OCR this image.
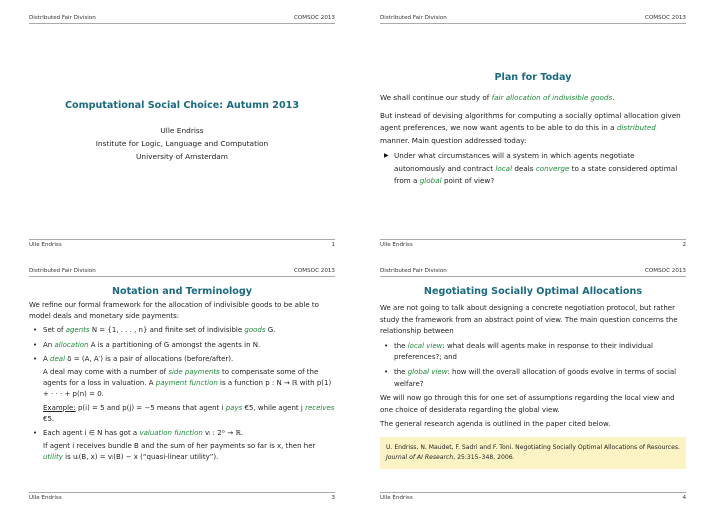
Distributed Fair Division	COMSOC 2013
Computational Social Choice: Autumn 2013
Ulle Endriss
Institute for Logic, Language and Computation
University of Amsterdam
Ulle Endriss	1
Distributed Fair Division	COMSOC 2013
Plan for Today
We shall continue our study of fair allocation of indivisible goods.
But instead of devising algorithms for computing a socially optimal allocation given agent preferences, we now want agents to be able to do this in a distributed manner. Main question addressed today:
▶ Under what circumstances will a system in which agents negotiate autonomously and contract local deals converge to a state considered optimal from a global point of view?
Ulle Endriss	2
Distributed Fair Division	COMSOC 2013
Notation and Terminology
We refine our formal framework for the allocation of indivisible goods to be able to model deals and monetary side payments:
• Set of agents N = {1, . . . , n} and finite set of indivisible goods G.
• An allocation A is a partitioning of G amongst the agents in N.
• A deal δ = (A, A′) is a pair of allocations (before/after).
A deal may come with a number of side payments to compensate some of the agents for a loss in valuation. A payment function is a function p : N → ℝ with p(1) + · · · + p(n) = 0.
Example: p(i) = 5 and p(j) = −5 means that agent i pays €5, while agent j receives €5.
• Each agent i ∈ N has got a valuation function vᵢ : 2ᴳ → ℝ.
If agent i receives bundle B and the sum of her payments so far is x, then her utility is uᵢ(B, x) = vᵢ(B) − x (“quasi-linear utility”).
Ulle Endriss	3
Distributed Fair Division	COMSOC 2013
Negotiating Socially Optimal Allocations
We are not going to talk about designing a concrete negotiation protocol, but rather study the framework from an abstract point of view. The main question concerns the relationship between
• the local view: what deals will agents make in response to their individual preferences?; and
• the global view: how will the overall allocation of goods evolve in terms of social welfare?
We will now go through this for one set of assumptions regarding the local view and one choice of desiderata regarding the global view.
The general research agenda is outlined in the paper cited below.
U. Endriss, N. Maudet, F. Sadri and F. Toni. Negotiating Socially Optimal Allocations of Resources. Journal of AI Research, 25:315–348, 2006.
Ulle Endriss	4
